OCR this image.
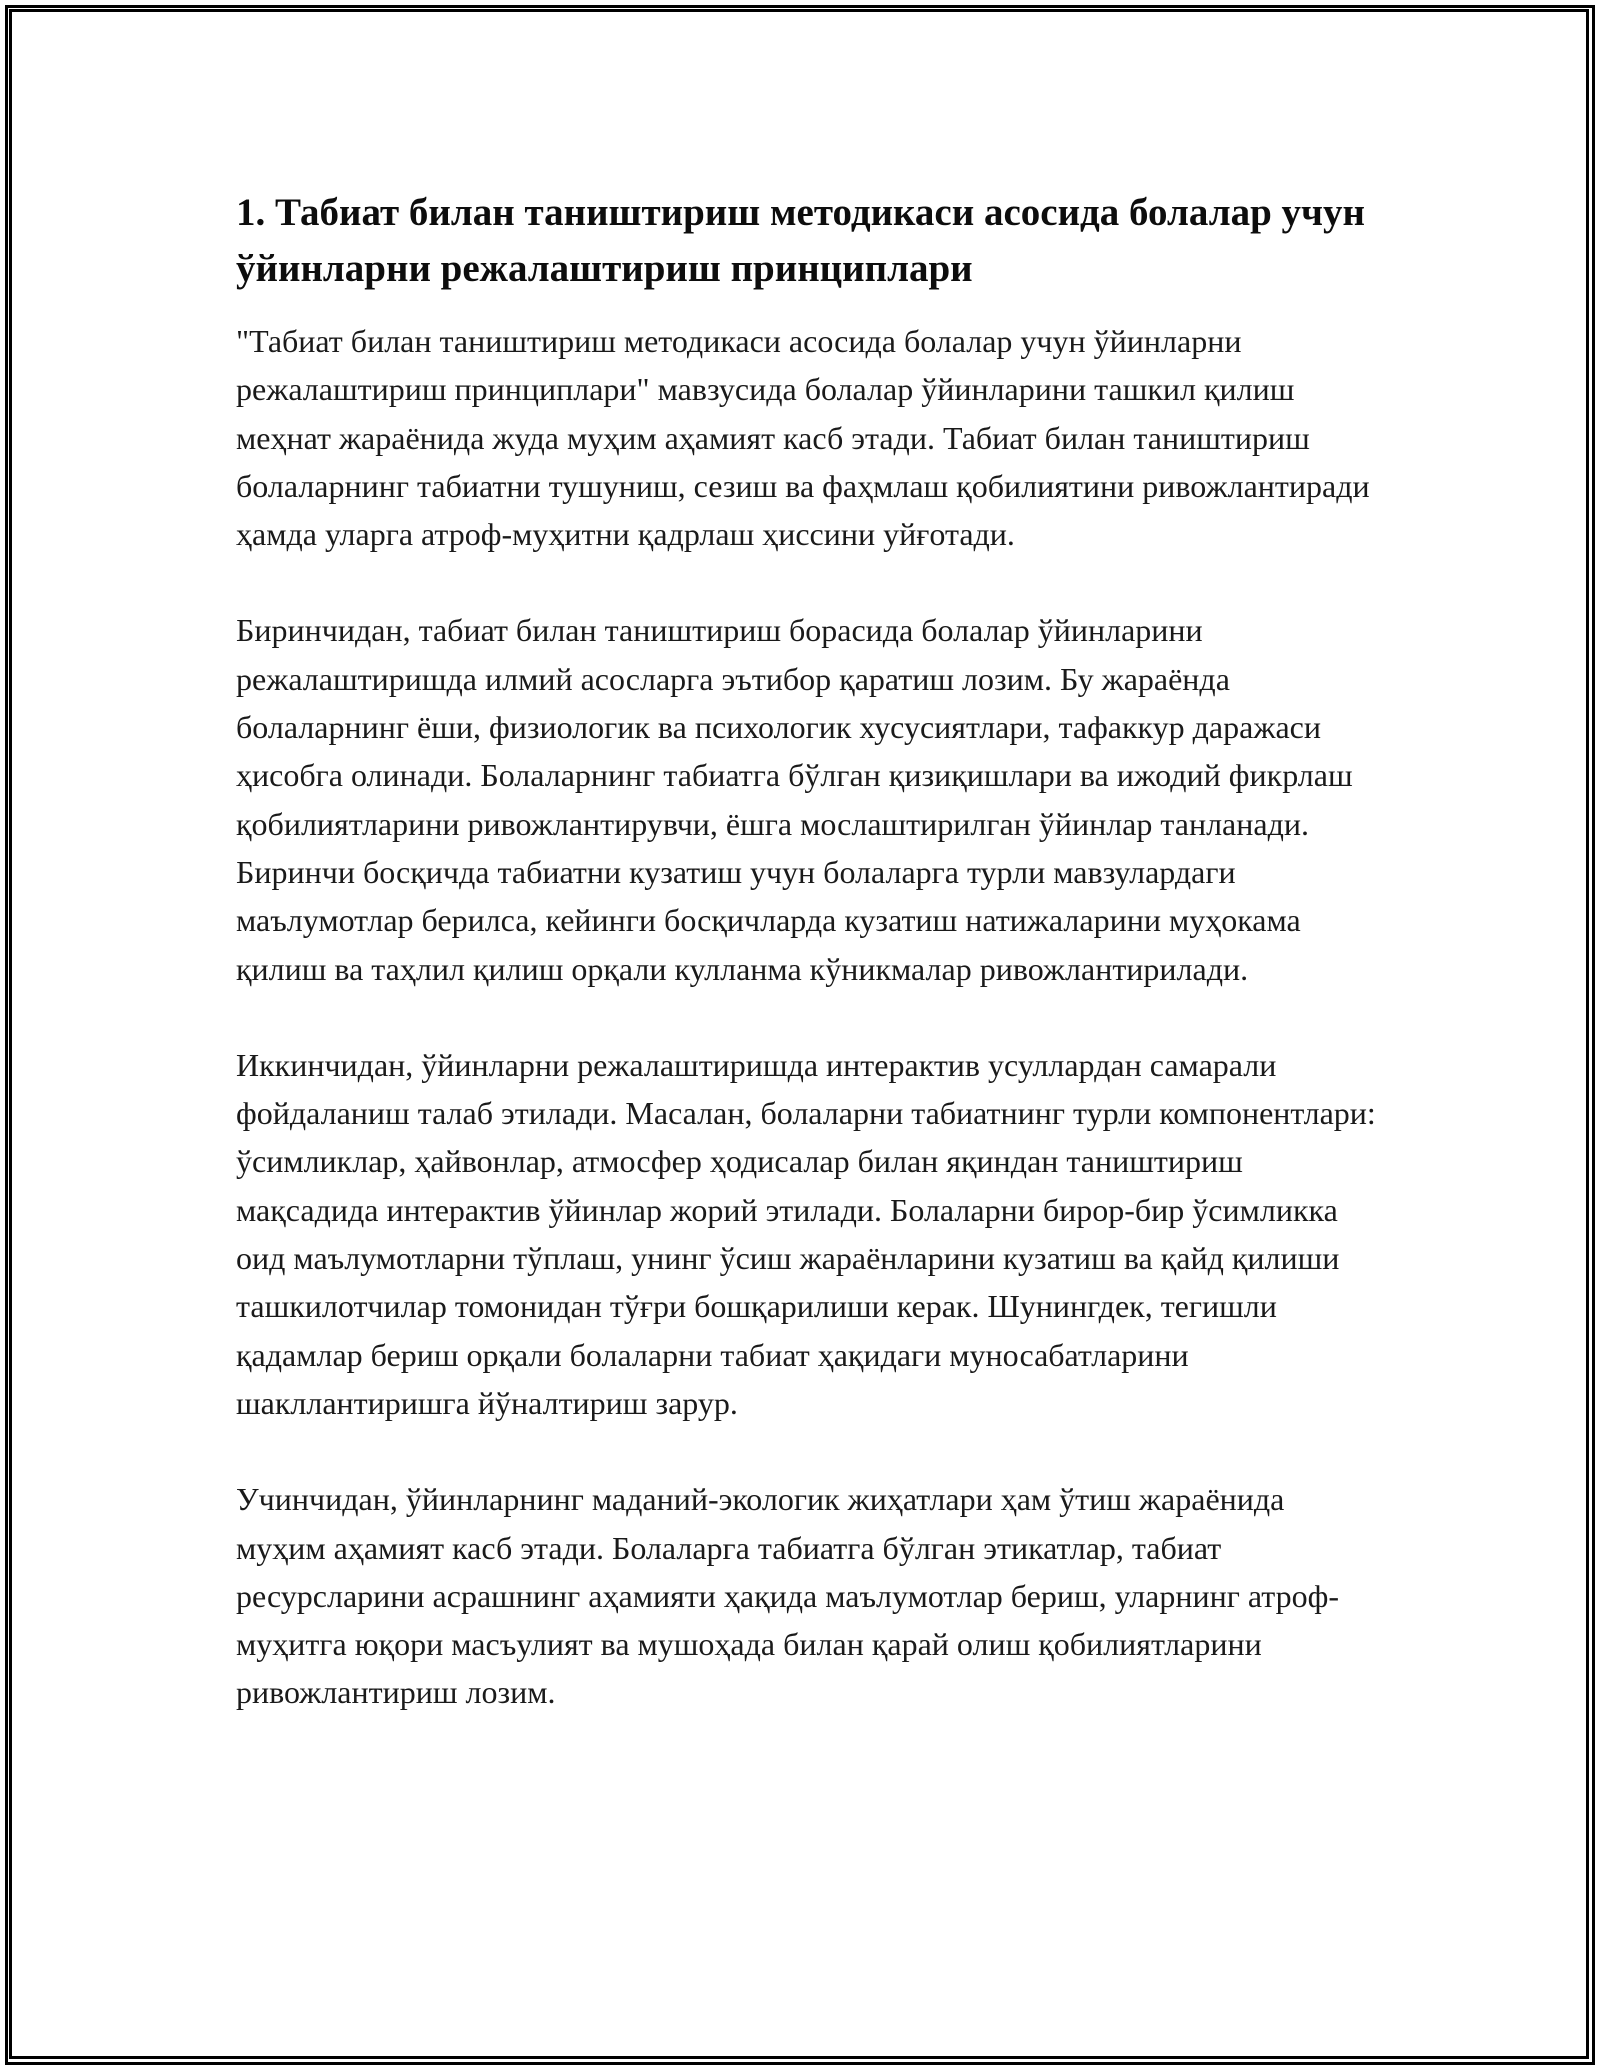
1. Табиат билан таништириш методикаси асосида болалар учун ўйинларни режалаштириш принциплари

"Табиат билан таништириш методикаси асосида болалар учун ўйинларни режалаштириш принциплари" мавзусида болалар ўйинларини ташкил қилиш меҳнат жараёнида жуда муҳим аҳамият касб этади. Табиат билан таништириш болаларнинг табиатни тушуниш, сезиш ва фаҳмлаш қобилиятини ривожлантиради ҳамда уларга атроф-муҳитни қадрлаш ҳиссини уйғотади.

Биринчидан, табиат билан таништириш борасида болалар ўйинларини режалаштиришда илмий асосларга эътибор қаратиш лозим. Бу жараёнда болаларнинг ёши, физиологик ва психологик хусусиятлари, тафаккур даражаси ҳисобга олинади. Болаларнинг табиатга бўлган қизиқишлари ва ижодий фикрлаш қобилиятларини ривожлантирувчи, ёшга мослаштирилган ўйинлар танланади. Биринчи босқичда табиатни кузатиш учун болаларга турли мавзулардаги маълумотлар берилса, кейинги босқичларда кузатиш натижаларини муҳокама қилиш ва таҳлил қилиш орқали кулланма кўникмалар ривожлантирилади.

Иккинчидан, ўйинларни режалаштиришда интерактив усуллардан самарали фойдаланиш талаб этилади. Масалан, болаларни табиатнинг турли компонентлари: ўсимликлар, ҳайвонлар, атмосфер ҳодисалар билан яқиндан таништириш мақсадида интерактив ўйинлар жорий этилади. Болаларни бирор-бир ўсимликка оид маълумотларни тўплаш, унинг ўсиш жараёнларини кузатиш ва қайд қилиши ташкилотчилар томонидан тўғри бошқарилиши керак. Шунингдек, тегишли қадамлар бериш орқали болаларни табиат ҳақидаги муносабатларини шакллантиришга йўналтириш зарур.

Учинчидан, ўйинларнинг маданий-экологик жиҳатлари ҳам ўтиш жараёнида муҳим аҳамият касб этади. Болаларга табиатга бўлган этикатлар, табиат ресурсларини асрашнинг аҳамияти ҳақида маълумотлар бериш, уларнинг атроф-муҳитга юқори масъулият ва мушоҳада билан қарай олиш қобилиятларини ривожлантириш лозим.
